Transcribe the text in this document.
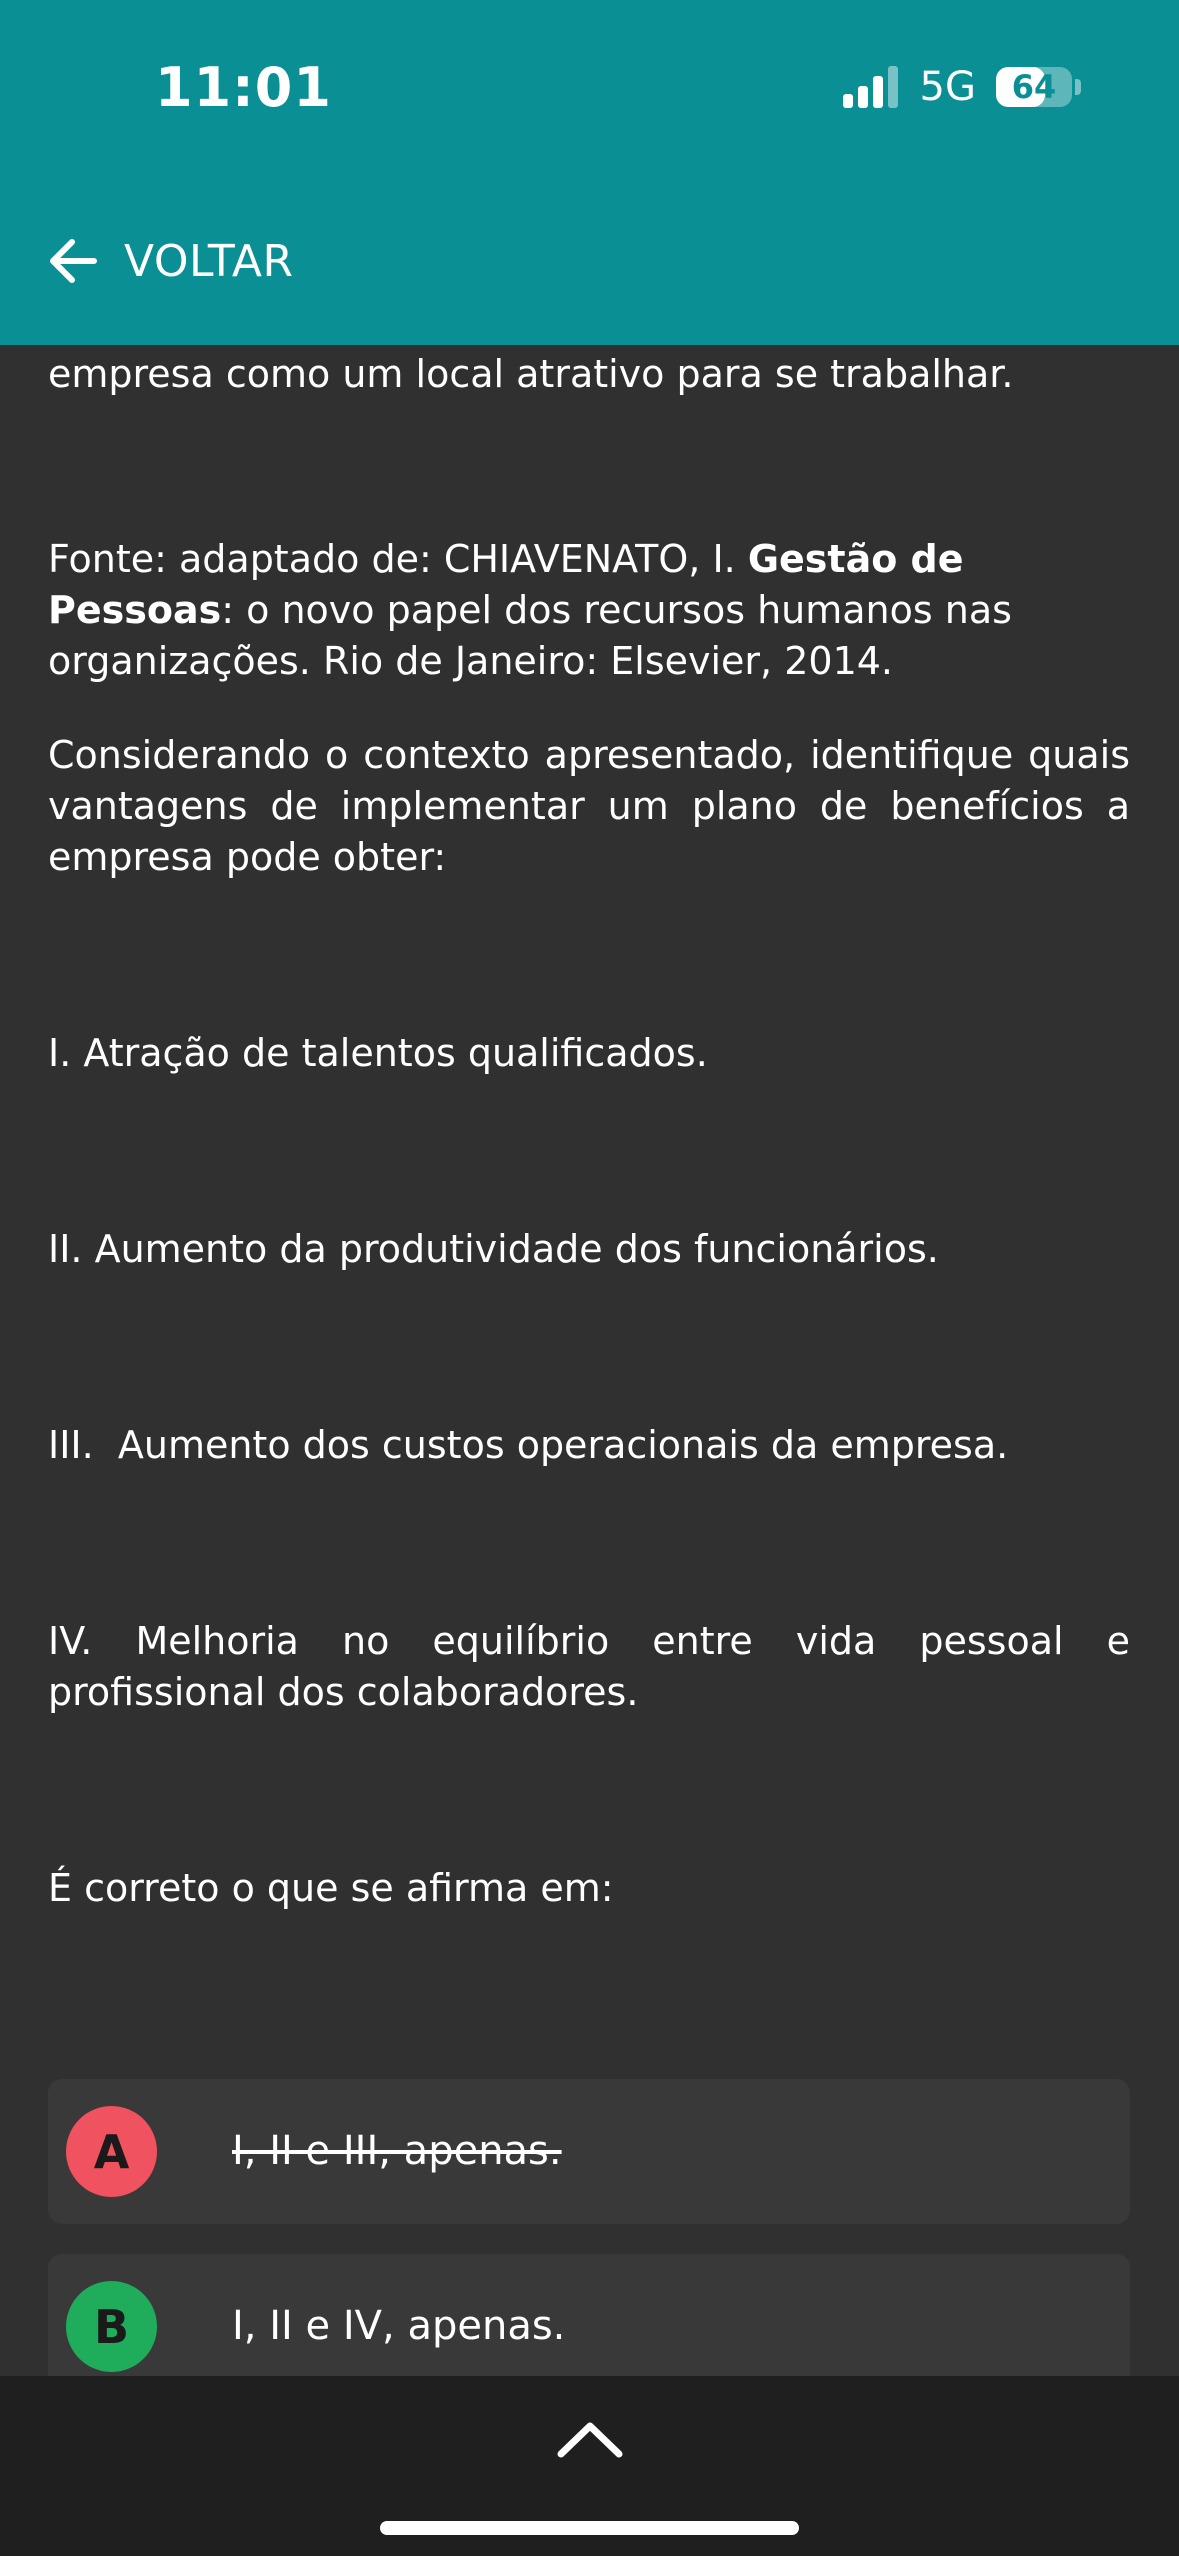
11:01	5G	64
VOLTAR

empresa como um local atrativo para se trabalhar.

Fonte: adaptado de: CHIAVENATO, I. Gestão de Pessoas: o novo papel dos recursos humanos nas organizações. Rio de Janeiro: Elsevier, 2014.

Considerando o contexto apresentado, identifique quais vantagens de implementar um plano de benefícios a empresa pode obter:

I. Atração de talentos qualificados.

II. Aumento da produtividade dos funcionários.

III.  Aumento dos custos operacionais da empresa.

IV. Melhoria no equilíbrio entre vida pessoal e profissional dos colaboradores.

É correto o que se afirma em:

A	I, II e III, apenas.
B	I, II e IV, apenas.
